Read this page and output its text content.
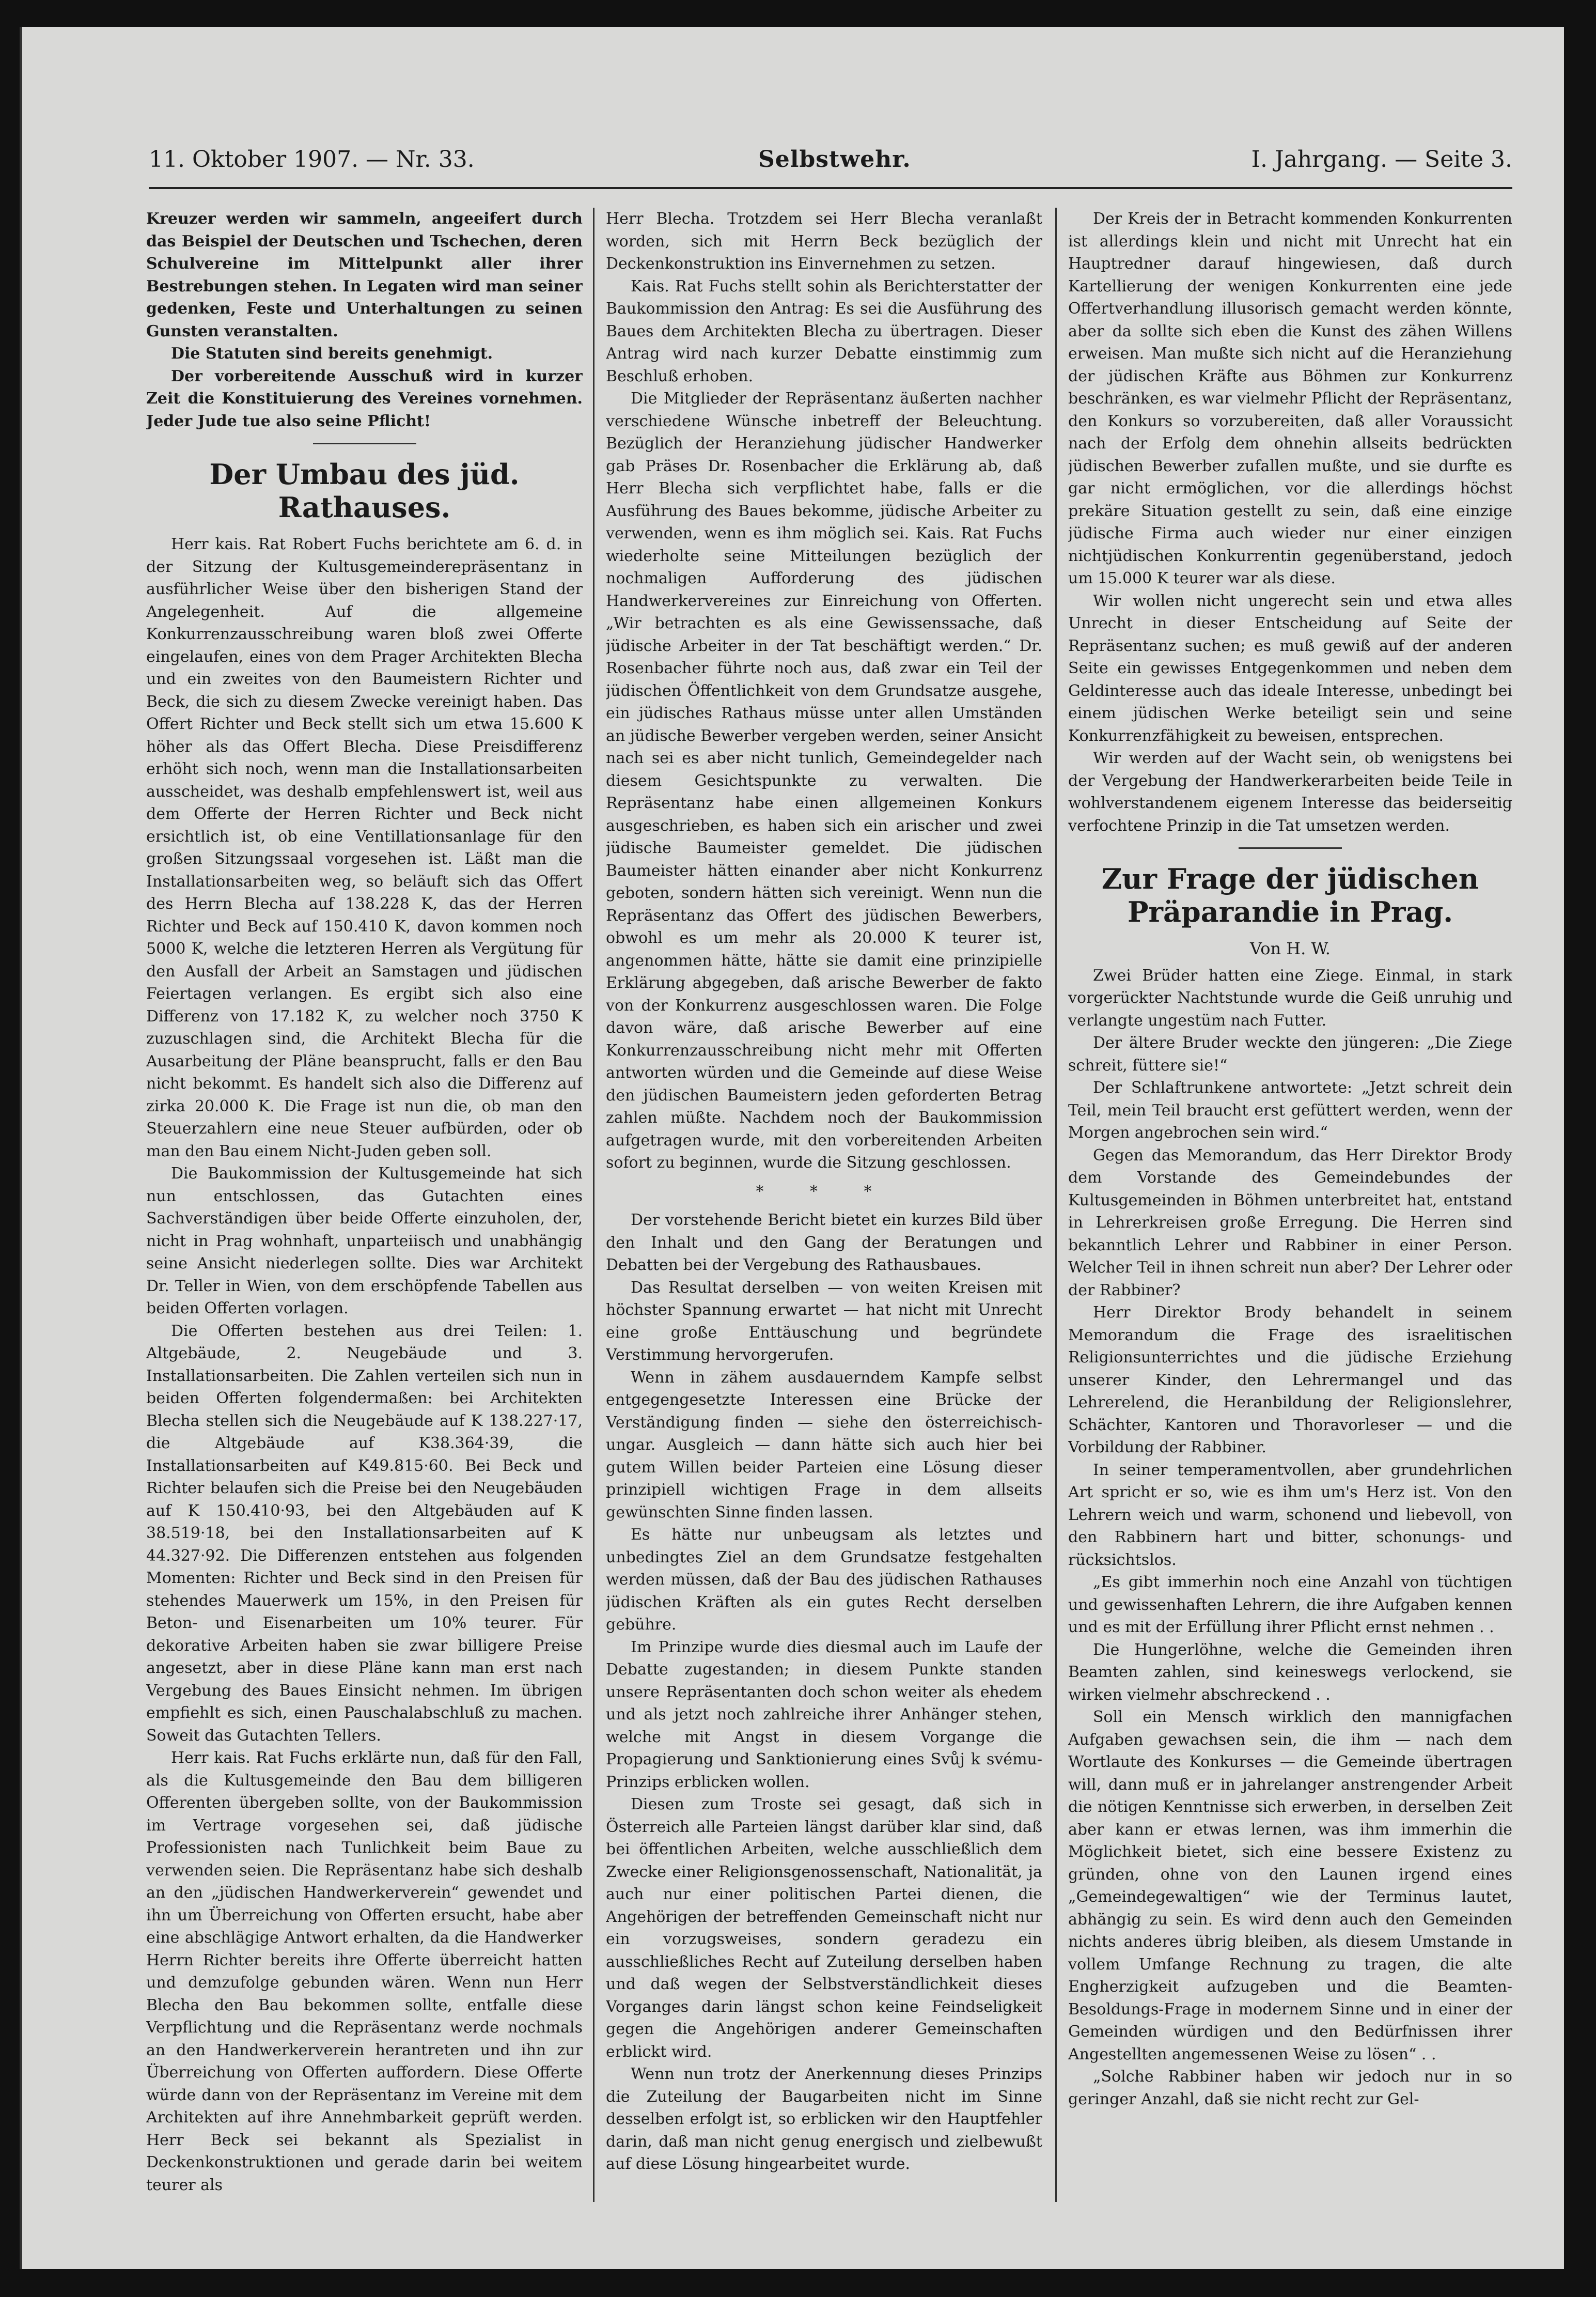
11. Oktober 1907. — Nr. 33.	Selbstwehr.	I. Jahrgang. — Seite 3.

Kreuzer werden wir sammeln, angeeifert durch das Beispiel der Deutschen und Tschechen, deren Schulvereine im Mittelpunkt aller ihrer Bestrebungen stehen. In Legaten wird man seiner gedenken, Feste und Unterhaltungen zu seinen Gunsten veranstalten.

Die Statuten sind bereits genehmigt.

Der vorbereitende Ausschuß wird in kurzer Zeit die Konstituierung des Vereines vornehmen. Jeder Jude tue also seine Pflicht!

Der Umbau des jüd. Rathauses.

Herr kais. Rat Robert Fuchs berichtete am 6. d. in der Sitzung der Kultusgemeinderepräsentanz in ausführlicher Weise über den bisherigen Stand der Angelegenheit. Auf die allgemeine Konkurrenzausschreibung waren bloß zwei Offerte eingelaufen, eines von dem Prager Architekten Blecha und ein zweites von den Baumeistern Richter und Beck, die sich zu diesem Zwecke vereinigt haben. Das Offert Richter und Beck stellt sich um etwa 15.600 K höher als das Offert Blecha. Diese Preisdifferenz erhöht sich noch, wenn man die Installationsarbeiten ausscheidet, was deshalb empfehlenswert ist, weil aus dem Offerte der Herren Richter und Beck nicht ersichtlich ist, ob eine Ventillationsanlage für den großen Sitzungssaal vorgesehen ist. Läßt man die Installationsarbeiten weg, so beläuft sich das Offert des Herrn Blecha auf 138.228 K, das der Herren Richter und Beck auf 150.410 K, davon kommen noch 5000 K, welche die letzteren Herren als Vergütung für den Ausfall der Arbeit an Samstagen und jüdischen Feiertagen verlangen. Es ergibt sich also eine Differenz von 17.182 K, zu welcher noch 3750 K zuzuschlagen sind, die Architekt Blecha für die Ausarbeitung der Pläne beansprucht, falls er den Bau nicht bekommt. Es handelt sich also die Differenz auf zirka 20.000 K. Die Frage ist nun die, ob man den Steuerzahlern eine neue Steuer aufbürden, oder ob man den Bau einem Nicht-Juden geben soll.

Die Baukommission der Kultusgemeinde hat sich nun entschlossen, das Gutachten eines Sachverständigen über beide Offerte einzuholen, der, nicht in Prag wohnhaft, unparteiisch und unabhängig seine Ansicht niederlegen sollte. Dies war Architekt Dr. Teller in Wien, von dem erschöpfende Tabellen aus beiden Offerten vorlagen.

Die Offerten bestehen aus drei Teilen: 1. Altgebäude, 2. Neugebäude und 3. Installationsarbeiten. Die Zahlen verteilen sich nun in beiden Offerten folgendermaßen: bei Architekten Blecha stellen sich die Neugebäude auf K 138.227·17, die Altgebäude auf K38.364·39, die Installationsarbeiten auf K49.815·60. Bei Beck und Richter belaufen sich die Preise bei den Neugebäuden auf K 150.410·93, bei den Altgebäuden auf K 38.519·18, bei den Installationsarbeiten auf K 44.327·92. Die Differenzen entstehen aus folgenden Momenten: Richter und Beck sind in den Preisen für stehendes Mauerwerk um 15%, in den Preisen für Beton- und Eisenarbeiten um 10% teurer. Für dekorative Arbeiten haben sie zwar billigere Preise angesetzt, aber in diese Pläne kann man erst nach Vergebung des Baues Einsicht nehmen. Im übrigen empfiehlt es sich, einen Pauschalabschluß zu machen. Soweit das Gutachten Tellers.

Herr kais. Rat Fuchs erklärte nun, daß für den Fall, als die Kultusgemeinde den Bau dem billigeren Offerenten übergeben sollte, von der Baukommission im Vertrage vorgesehen sei, daß jüdische Professionisten nach Tunlichkeit beim Baue zu verwenden seien. Die Repräsentanz habe sich deshalb an den „jüdischen Handwerkerverein“ gewendet und ihn um Überreichung von Offerten ersucht, habe aber eine abschlägige Antwort erhalten, da die Handwerker Herrn Richter bereits ihre Offerte überreicht hatten und demzufolge gebunden wären. Wenn nun Herr Blecha den Bau bekommen sollte, entfalle diese Verpflichtung und die Repräsentanz werde nochmals an den Handwerkerverein herantreten und ihn zur Überreichung von Offerten auffordern. Diese Offerte würde dann von der Repräsentanz im Vereine mit dem Architekten auf ihre Annehmbarkeit geprüft werden. Herr Beck sei bekannt als Spezialist in Deckenkonstruktionen und gerade darin bei weitem teurer als

Herr Blecha. Trotzdem sei Herr Blecha veranlaßt worden, sich mit Herrn Beck bezüglich der Deckenkonstruktion ins Einvernehmen zu setzen.

Kais. Rat Fuchs stellt sohin als Berichterstatter der Baukommission den Antrag: Es sei die Ausführung des Baues dem Architekten Blecha zu übertragen. Dieser Antrag wird nach kurzer Debatte einstimmig zum Beschluß erhoben.

Die Mitglieder der Repräsentanz äußerten nachher verschiedene Wünsche inbetreff der Beleuchtung. Bezüglich der Heranziehung jüdischer Handwerker gab Präses Dr. Rosenbacher die Erklärung ab, daß Herr Blecha sich verpflichtet habe, falls er die Ausführung des Baues bekomme, jüdische Arbeiter zu verwenden, wenn es ihm möglich sei. Kais. Rat Fuchs wiederholte seine Mitteilungen bezüglich der nochmaligen Aufforderung des jüdischen Handwerkervereines zur Einreichung von Offerten. „Wir betrachten es als eine Gewissenssache, daß jüdische Arbeiter in der Tat beschäftigt werden.“ Dr. Rosenbacher führte noch aus, daß zwar ein Teil der jüdischen Öffentlichkeit von dem Grundsatze ausgehe, ein jüdisches Rathaus müsse unter allen Umständen an jüdische Bewerber vergeben werden, seiner Ansicht nach sei es aber nicht tunlich, Gemeindegelder nach diesem Gesichtspunkte zu verwalten. Die Repräsentanz habe einen allgemeinen Konkurs ausgeschrieben, es haben sich ein arischer und zwei jüdische Baumeister gemeldet. Die jüdischen Baumeister hätten einander aber nicht Konkurrenz geboten, sondern hätten sich vereinigt. Wenn nun die Repräsentanz das Offert des jüdischen Bewerbers, obwohl es um mehr als 20.000 K teurer ist, angenommen hätte, hätte sie damit eine prinzipielle Erklärung abgegeben, daß arische Bewerber de fakto von der Konkurrenz ausgeschlossen waren. Die Folge davon wäre, daß arische Bewerber auf eine Konkurrenzausschreibung nicht mehr mit Offerten antworten würden und die Gemeinde auf diese Weise den jüdischen Baumeistern jeden geforderten Betrag zahlen müßte. Nachdem noch der Baukommission aufgetragen wurde, mit den vorbereitenden Arbeiten sofort zu beginnen, wurde die Sitzung geschlossen.

* * *

Der vorstehende Bericht bietet ein kurzes Bild über den Inhalt und den Gang der Beratungen und Debatten bei der Vergebung des Rathausbaues.

Das Resultat derselben — von weiten Kreisen mit höchster Spannung erwartet — hat nicht mit Unrecht eine große Enttäuschung und begründete Verstimmung hervorgerufen.

Wenn in zähem ausdauerndem Kampfe selbst entgegengesetzte Interessen eine Brücke der Verständigung finden — siehe den österreichisch-ungar. Ausgleich — dann hätte sich auch hier bei gutem Willen beider Parteien eine Lösung dieser prinzipiell wichtigen Frage in dem allseits gewünschten Sinne finden lassen.

Es hätte nur unbeugsam als letztes und unbedingtes Ziel an dem Grundsatze festgehalten werden müssen, daß der Bau des jüdischen Rathauses jüdischen Kräften als ein gutes Recht derselben gebühre.

Im Prinzipe wurde dies diesmal auch im Laufe der Debatte zugestanden; in diesem Punkte standen unsere Repräsentanten doch schon weiter als ehedem und als jetzt noch zahlreiche ihrer Anhänger stehen, welche mit Angst in diesem Vorgange die Propagierung und Sanktionierung eines Svůj k svému-Prinzips erblicken wollen.

Diesen zum Troste sei gesagt, daß sich in Österreich alle Parteien längst darüber klar sind, daß bei öffentlichen Arbeiten, welche ausschließlich dem Zwecke einer Religionsgenossenschaft, Nationalität, ja auch nur einer politischen Partei dienen, die Angehörigen der betreffenden Gemeinschaft nicht nur ein vorzugsweises, sondern geradezu ein ausschließliches Recht auf Zuteilung derselben haben und daß wegen der Selbstverständlichkeit dieses Vorganges darin längst schon keine Feindseligkeit gegen die Angehörigen anderer Gemeinschaften erblickt wird.

Wenn nun trotz der Anerkennung dieses Prinzips die Zuteilung der Baugarbeiten nicht im Sinne desselben erfolgt ist, so erblicken wir den Hauptfehler darin, daß man nicht genug energisch und zielbewußt auf diese Lösung hingearbeitet wurde.

Der Kreis der in Betracht kommenden Konkurrenten ist allerdings klein und nicht mit Unrecht hat ein Hauptredner darauf hingewiesen, daß durch Kartellierung der wenigen Konkurrenten eine jede Offertverhandlung illusorisch gemacht werden könnte, aber da sollte sich eben die Kunst des zähen Willens erweisen. Man mußte sich nicht auf die Heranziehung der jüdischen Kräfte aus Böhmen zur Konkurrenz beschränken, es war vielmehr Pflicht der Repräsentanz, den Konkurs so vorzubereiten, daß aller Voraussicht nach der Erfolg dem ohnehin allseits bedrückten jüdischen Bewerber zufallen mußte, und sie durfte es gar nicht ermöglichen, vor die allerdings höchst prekäre Situation gestellt zu sein, daß eine einzige jüdische Firma auch wieder nur einer einzigen nichtjüdischen Konkurrentin gegenüberstand, jedoch um 15.000 K teurer war als diese.

Wir wollen nicht ungerecht sein und etwa alles Unrecht in dieser Entscheidung auf Seite der Repräsentanz suchen; es muß gewiß auf der anderen Seite ein gewisses Entgegenkommen und neben dem Geldinteresse auch das ideale Interesse, unbedingt bei einem jüdischen Werke beteiligt sein und seine Konkurrenzfähigkeit zu beweisen, entsprechen.

Wir werden auf der Wacht sein, ob wenigstens bei der Vergebung der Handwerkerarbeiten beide Teile in wohlverstandenem eigenem Interesse das beiderseitig verfochtene Prinzip in die Tat umsetzen werden.

Zur Frage der jüdischen Präparandie in Prag.
Von H. W.

Zwei Brüder hatten eine Ziege. Einmal, in stark vorgerückter Nachtstunde wurde die Geiß unruhig und verlangte ungestüm nach Futter.

Der ältere Bruder weckte den jüngeren: „Die Ziege schreit, füttere sie!“

Der Schlaftrunkene antwortete: „Jetzt schreit dein Teil, mein Teil braucht erst gefüttert werden, wenn der Morgen angebrochen sein wird.“

Gegen das Memorandum, das Herr Direktor Brody dem Vorstande des Gemeindebundes der Kultusgemeinden in Böhmen unterbreitet hat, entstand in Lehrerkreisen große Erregung. Die Herren sind bekanntlich Lehrer und Rabbiner in einer Person. Welcher Teil in ihnen schreit nun aber? Der Lehrer oder der Rabbiner?

Herr Direktor Brody behandelt in seinem Memorandum die Frage des israelitischen Religionsunterrichtes und die jüdische Erziehung unserer Kinder, den Lehrermangel und das Lehrerelend, die Heranbildung der Religionslehrer, Schächter, Kantoren und Thoravorleser — und die Vorbildung der Rabbiner.

In seiner temperamentvollen, aber grundehrlichen Art spricht er so, wie es ihm um's Herz ist. Von den Lehrern weich und warm, schonend und liebevoll, von den Rabbinern hart und bitter, schonungs- und rücksichtslos.

„Es gibt immerhin noch eine Anzahl von tüchtigen und gewissenhaften Lehrern, die ihre Aufgaben kennen und es mit der Erfüllung ihrer Pflicht ernst nehmen . .

Die Hungerlöhne, welche die Gemeinden ihren Beamten zahlen, sind keineswegs verlockend, sie wirken vielmehr abschreckend . .

Soll ein Mensch wirklich den mannigfachen Aufgaben gewachsen sein, die ihm — nach dem Wortlaute des Konkurses — die Gemeinde übertragen will, dann muß er in jahrelanger anstrengender Arbeit die nötigen Kenntnisse sich erwerben, in derselben Zeit aber kann er etwas lernen, was ihm immerhin die Möglichkeit bietet, sich eine bessere Existenz zu gründen, ohne von den Launen irgend eines „Gemeindegewaltigen“ wie der Terminus lautet, abhängig zu sein. Es wird denn auch den Gemeinden nichts anderes übrig bleiben, als diesem Umstande in vollem Umfange Rechnung zu tragen, die alte Engherzigkeit aufzugeben und die Beamten-Besoldungs-Frage in modernem Sinne und in einer der Gemeinden würdigen und den Bedürfnissen ihrer Angestellten angemessenen Weise zu lösen“ . .

„Solche Rabbiner haben wir jedoch nur in so geringer Anzahl, daß sie nicht recht zur Gel-
